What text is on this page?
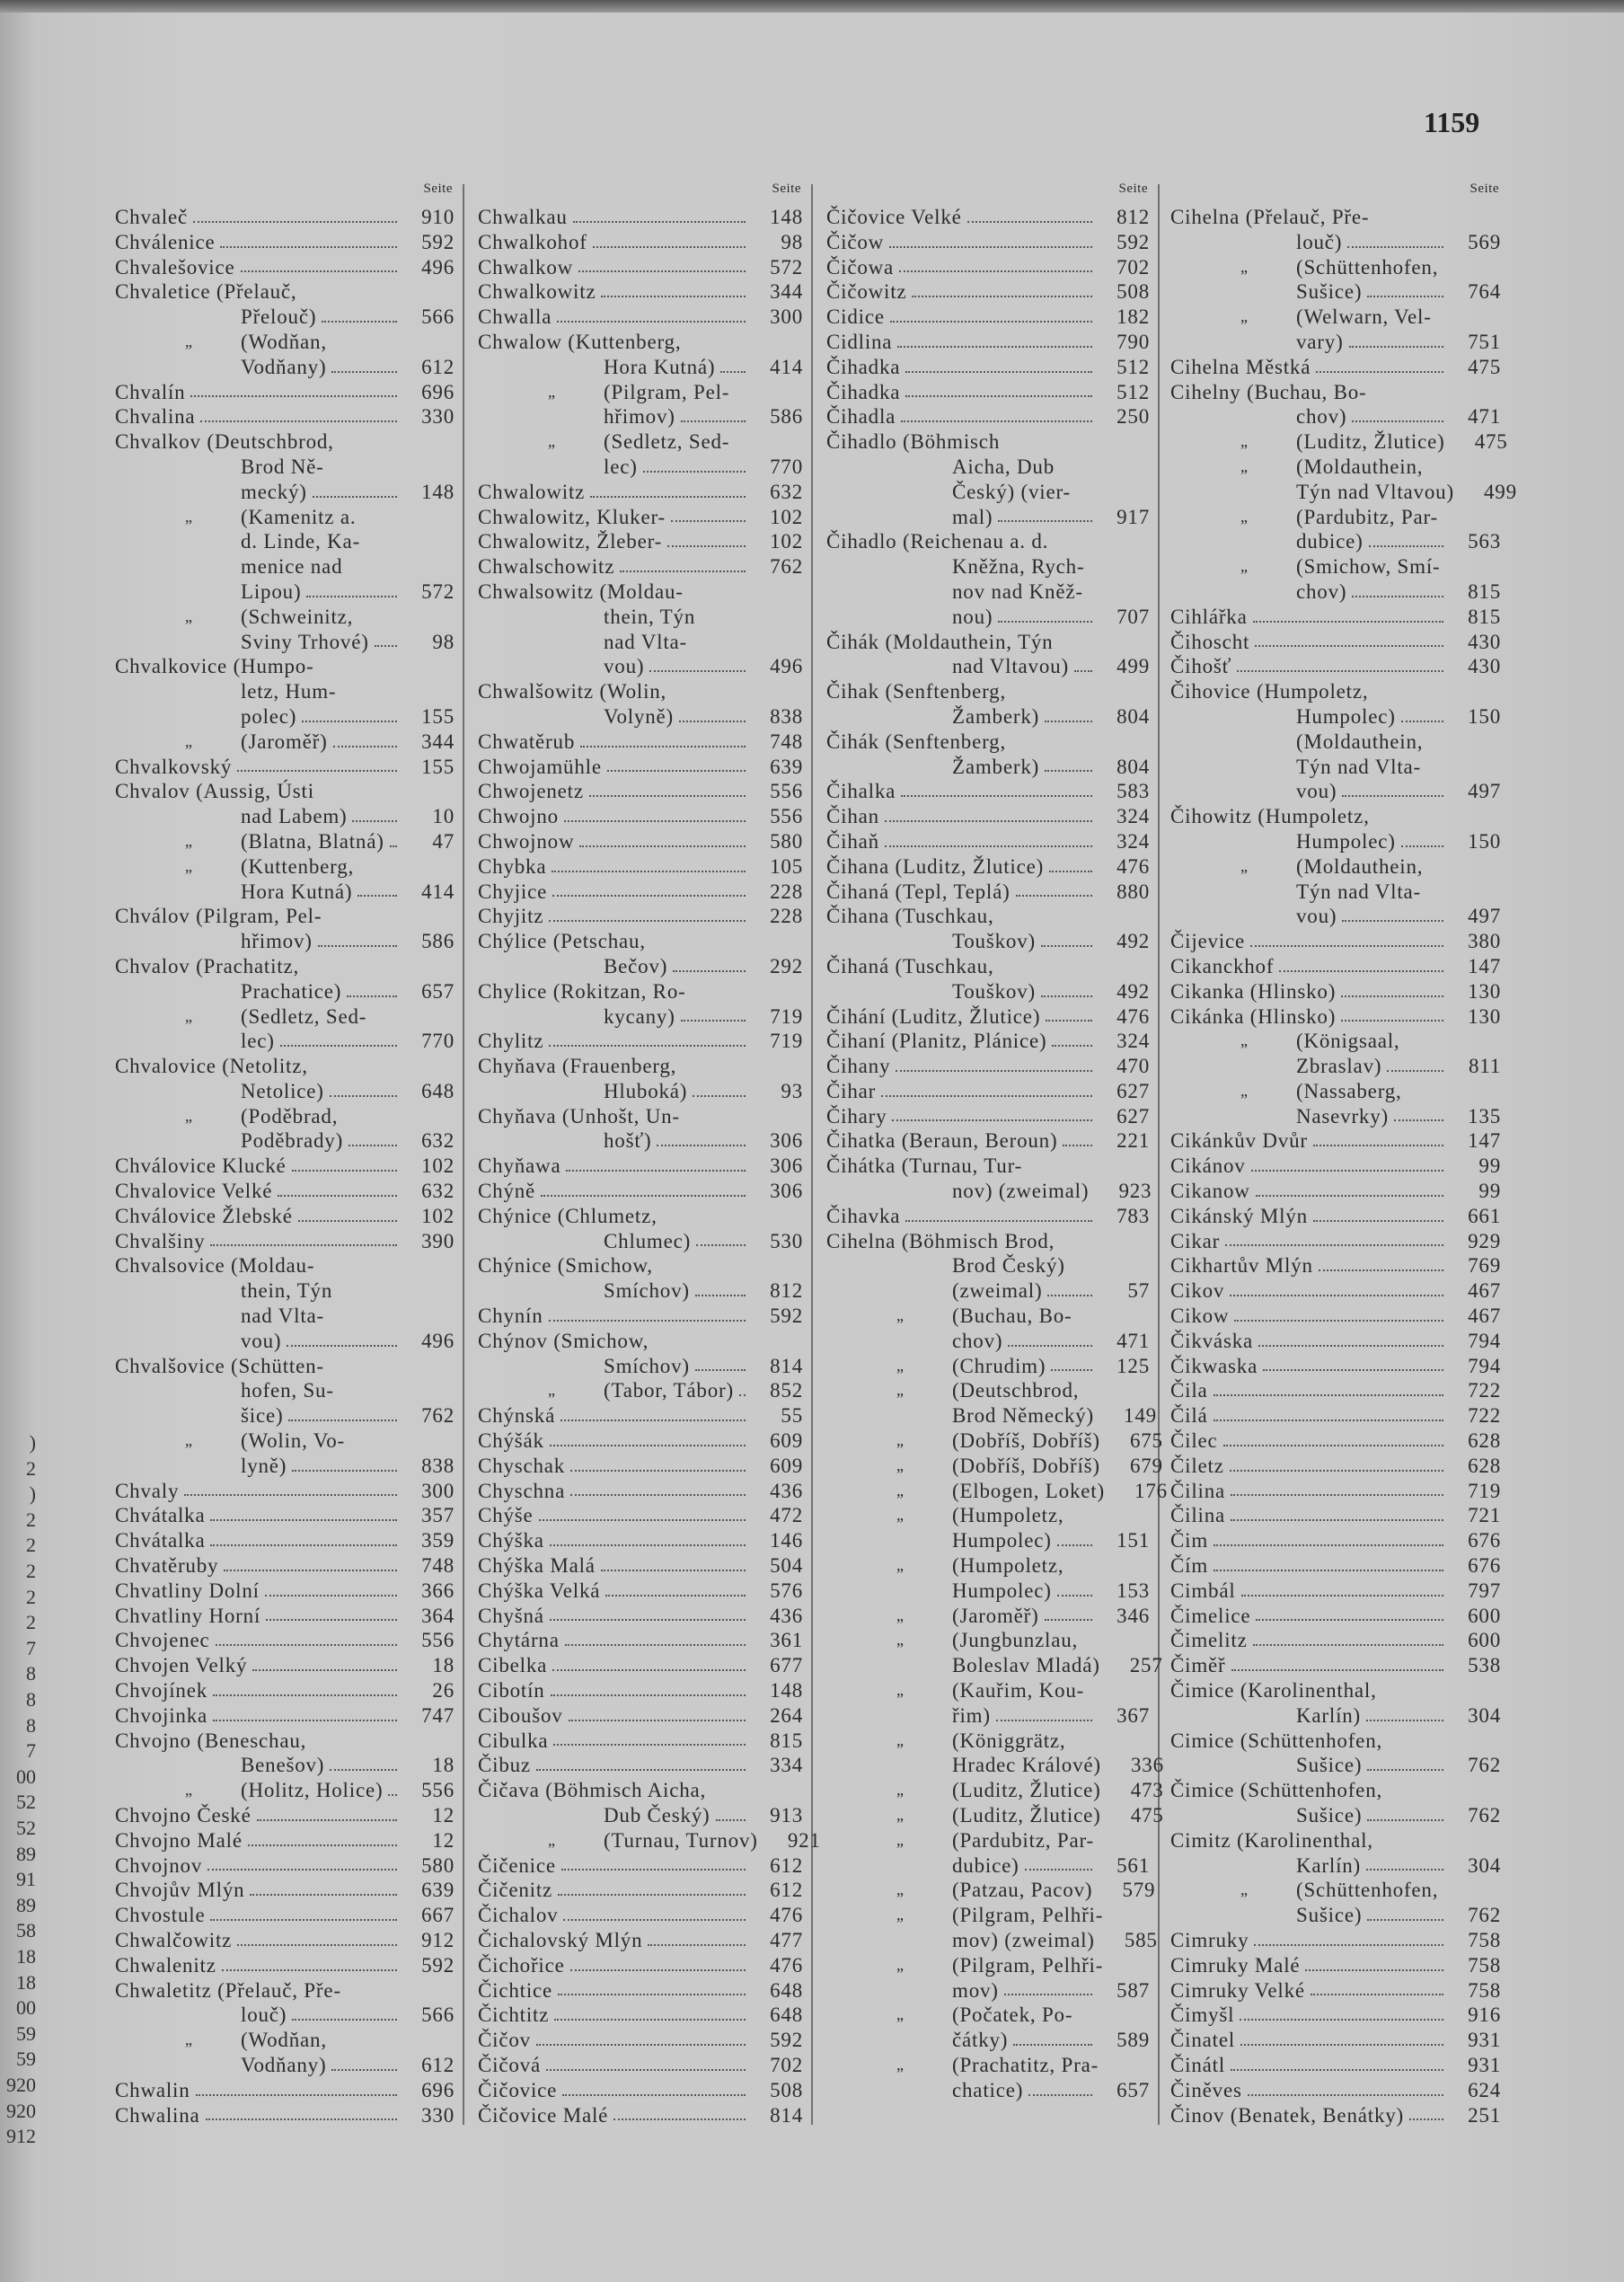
1159
)
2
)
2
2
2
2
2
7
8
8
8
7
00
52
52
89
91
89
58
18
18
00
59
59
920
920
912
Seite
Chvaleč	910
Chválenice	592
Chvalešovice	496
Chvaletice (Přelauč,
Přelouč)	566
„ (Wodňan,
Vodňany)	612
Chvalín	696
Chvalina	330
Chvalkov (Deutschbrod,
Brod Ně-
mecký)	148
„ (Kamenitz a.
d. Linde, Ka-
menice nad
Lipou)	572
„ (Schweinitz,
Sviny Trhové)	98
Chvalkovice (Humpo-
letz, Hum-
polec)	155
„ (Jaroměř)	344
Chvalkovský	155
Chvalov (Aussig, Ústi
nad Labem)	10
„ (Blatna, Blatná)	47
„ (Kuttenberg,
Hora Kutná)	414
Chválov (Pilgram, Pel-
hřimov)	586
Chvalov (Prachatitz,
Prachatice)	657
„ (Sedletz, Sed-
lec)	770
Chvalovice (Netolitz,
Netolice)	648
„ (Poděbrad,
Poděbrady)	632
Chválovice Klucké	102
Chvalovice Velké	632
Chválovice Žlebské	102
Chvalšiny	390
Chvalsovice (Moldau-
thein, Týn
nad Vlta-
vou)	496
Chvalšovice (Schütten-
hofen, Su-
šice)	762
„ (Wolin, Vo-
lyně)	838
Chvaly	300
Chvátalka	357
Chvátalka	359
Chvatěruby	748
Chvatliny Dolní	366
Chvatliny Horní	364
Chvojenec	556
Chvojen Velký	18
Chvojínek	26
Chvojinka	747
Chvojno (Beneschau,
Benešov)	18
„ (Holitz, Holice)	556
Chvojno České	12
Chvojno Malé	12
Chvojnov	580
Chvojův Mlýn	639
Chvostule	667
Chwalčowitz	912
Chwalenitz	592
Chwaletitz (Přelauč, Pře-
louč)	566
„ (Wodňan,
Vodňany)	612
Chwalin	696
Chwalina	330
Seite
Chwalkau	148
Chwalkohof	98
Chwalkow	572
Chwalkowitz	344
Chwalla	300
Chwalow (Kuttenberg,
Hora Kutná)	414
„ (Pilgram, Pel-
hřimov)	586
„ (Sedletz, Sed-
lec)	770
Chwalowitz	632
Chwalowitz, Kluker-	102
Chwalowitz, Žleber-	102
Chwalschowitz	762
Chwalsowitz (Moldau-
thein, Týn
nad Vlta-
vou)	496
Chwalšowitz (Wolin,
Volyně)	838
Chwatěrub	748
Chwojamühle	639
Chwojenetz	556
Chwojno	556
Chwojnow	580
Chybka	105
Chyjice	228
Chyjitz	228
Chýlice (Petschau,
Bečov)	292
Chylice (Rokitzan, Ro-
kycany)	719
Chylitz	719
Chyňava (Frauenberg,
Hluboká)	93
Chyňava (Unhošt, Un-
hošť)	306
Chyňawa	306
Chýně	306
Chýnice (Chlumetz,
Chlumec)	530
Chýnice (Smichow,
Smíchov)	812
Chynín	592
Chýnov (Smichow,
Smíchov)	814
„ (Tabor, Tábor)	852
Chýnská	55
Chýšák	609
Chyschak	609
Chyschna	436
Chýše	472
Chýška	146
Chýška Malá	504
Chýška Velká	576
Chyšná	436
Chytárna	361
Cibelka	677
Cibotín	148
Ciboušov	264
Cibulka	815
Čibuz	334
Čičava (Böhmisch Aicha,
Dub Český)	913
„ (Turnau, Turnov)	921
Čičenice	612
Čičenitz	612
Čichalov	476
Čichalovský Mlýn	477
Čichořice	476
Čichtice	648
Čichtitz	648
Čičov	592
Čičová	702
Čičovice	508
Čičovice Malé	814
Seite
Čičovice Velké	812
Čičow	592
Čičowa	702
Čičowitz	508
Cidice	182
Cidlina	790
Čihadka	512
Čihadka	512
Čihadla	250
Čihadlo (Böhmisch
Aicha, Dub
Český) (vier-
mal)	917
Čihadlo (Reichenau a. d.
Kněžna, Rych-
nov nad Kněž-
nou)	707
Čihák (Moldauthein, Týn
nad Vltavou)	499
Čihak (Senftenberg,
Žamberk)	804
Čihák (Senftenberg,
Žamberk)	804
Čihalka	583
Čihan	324
Čihaň	324
Čihana (Luditz, Žlutice)	476
Čihaná (Tepl, Teplá)	880
Čihana (Tuschkau,
Touškov)	492
Čihaná (Tuschkau,
Touškov)	492
Čihání (Luditz, Žlutice)	476
Čihaní (Planitz, Plánice)	324
Čihany	470
Čihar	627
Čihary	627
Čihatka (Beraun, Beroun)	221
Čihátka (Turnau, Tur-
nov) (zweimal)	923
Čihavka	783
Cihelna (Böhmisch Brod,
Brod Český)
(zweimal)	57
„ (Buchau, Bo-
chov)	471
„ (Chrudim)	125
„ (Deutschbrod,
Brod Německý)	149
„ (Dobříš, Dobříš)	675
„ (Dobříš, Dobříš)	679
„ (Elbogen, Loket)	176
„ (Humpoletz,
Humpolec)	151
„ (Humpoletz,
Humpolec)	153
„ (Jaroměř)	346
„ (Jungbunzlau,
Boleslav Mladá)	257
„ (Kauřim, Kou-
řim)	367
„ (Königgrätz,
Hradec Králové)	336
„ (Luditz, Žlutice)	473
„ (Luditz, Žlutice)	475
„ (Pardubitz, Par-
dubice)	561
„ (Patzau, Pacov)	579
„ (Pilgram, Pelhři-
mov) (zweimal)	585
„ (Pilgram, Pelhři-
mov)	587
„ (Počatek, Po-
čátky)	589
„ (Prachatitz, Pra-
chatice)	657
Seite
Cihelna (Přelauč, Pře-
louč)	569
„ (Schüttenhofen,
Sušice)	764
„ (Welwarn, Vel-
vary)	751
Cihelna Městká	475
Cihelny (Buchau, Bo-
chov)	471
„ (Luditz, Žlutice)	475
„ (Moldauthein,
Týn nad Vltavou)	499
„ (Pardubitz, Par-
dubice)	563
„ (Smichow, Smí-
chov)	815
Cihlářka	815
Čihoscht	430
Čihošť	430
Čihovice (Humpoletz,
Humpolec)	150
(Moldauthein,
Týn nad Vlta-
vou)	497
Čihowitz (Humpoletz,
Humpolec)	150
„ (Moldauthein,
Týn nad Vlta-
vou)	497
Čijevice	380
Cikanckhof	147
Cikanka (Hlinsko)	130
Cikánka (Hlinsko)	130
„ (Königsaal,
Zbraslav)	811
„ (Nassaberg,
Nasevrky)	135
Cikánkův Dvůr	147
Cikánov	99
Cikanow	99
Cikánský Mlýn	661
Cikar	929
Cikhartův Mlýn	769
Cikov	467
Cikow	467
Čikváska	794
Čikwaska	794
Čila	722
Čilá	722
Čilec	628
Čiletz	628
Čilina	719
Čilina	721
Čim	676
Čím	676
Cimbál	797
Čimelice	600
Čimelitz	600
Čiměř	538
Čimice (Karolinenthal,
Karlín)	304
Cimice (Schüttenhofen,
Sušice)	762
Čimice (Schüttenhofen,
Sušice)	762
Cimitz (Karolinenthal,
Karlín)	304
„ (Schüttenhofen,
Sušice)	762
Cimruky	758
Cimruky Malé	758
Cimruky Velké	758
Čimyšl	916
Činatel	931
Činátl	931
Činěves	624
Činov (Benatek, Benátky)	251
